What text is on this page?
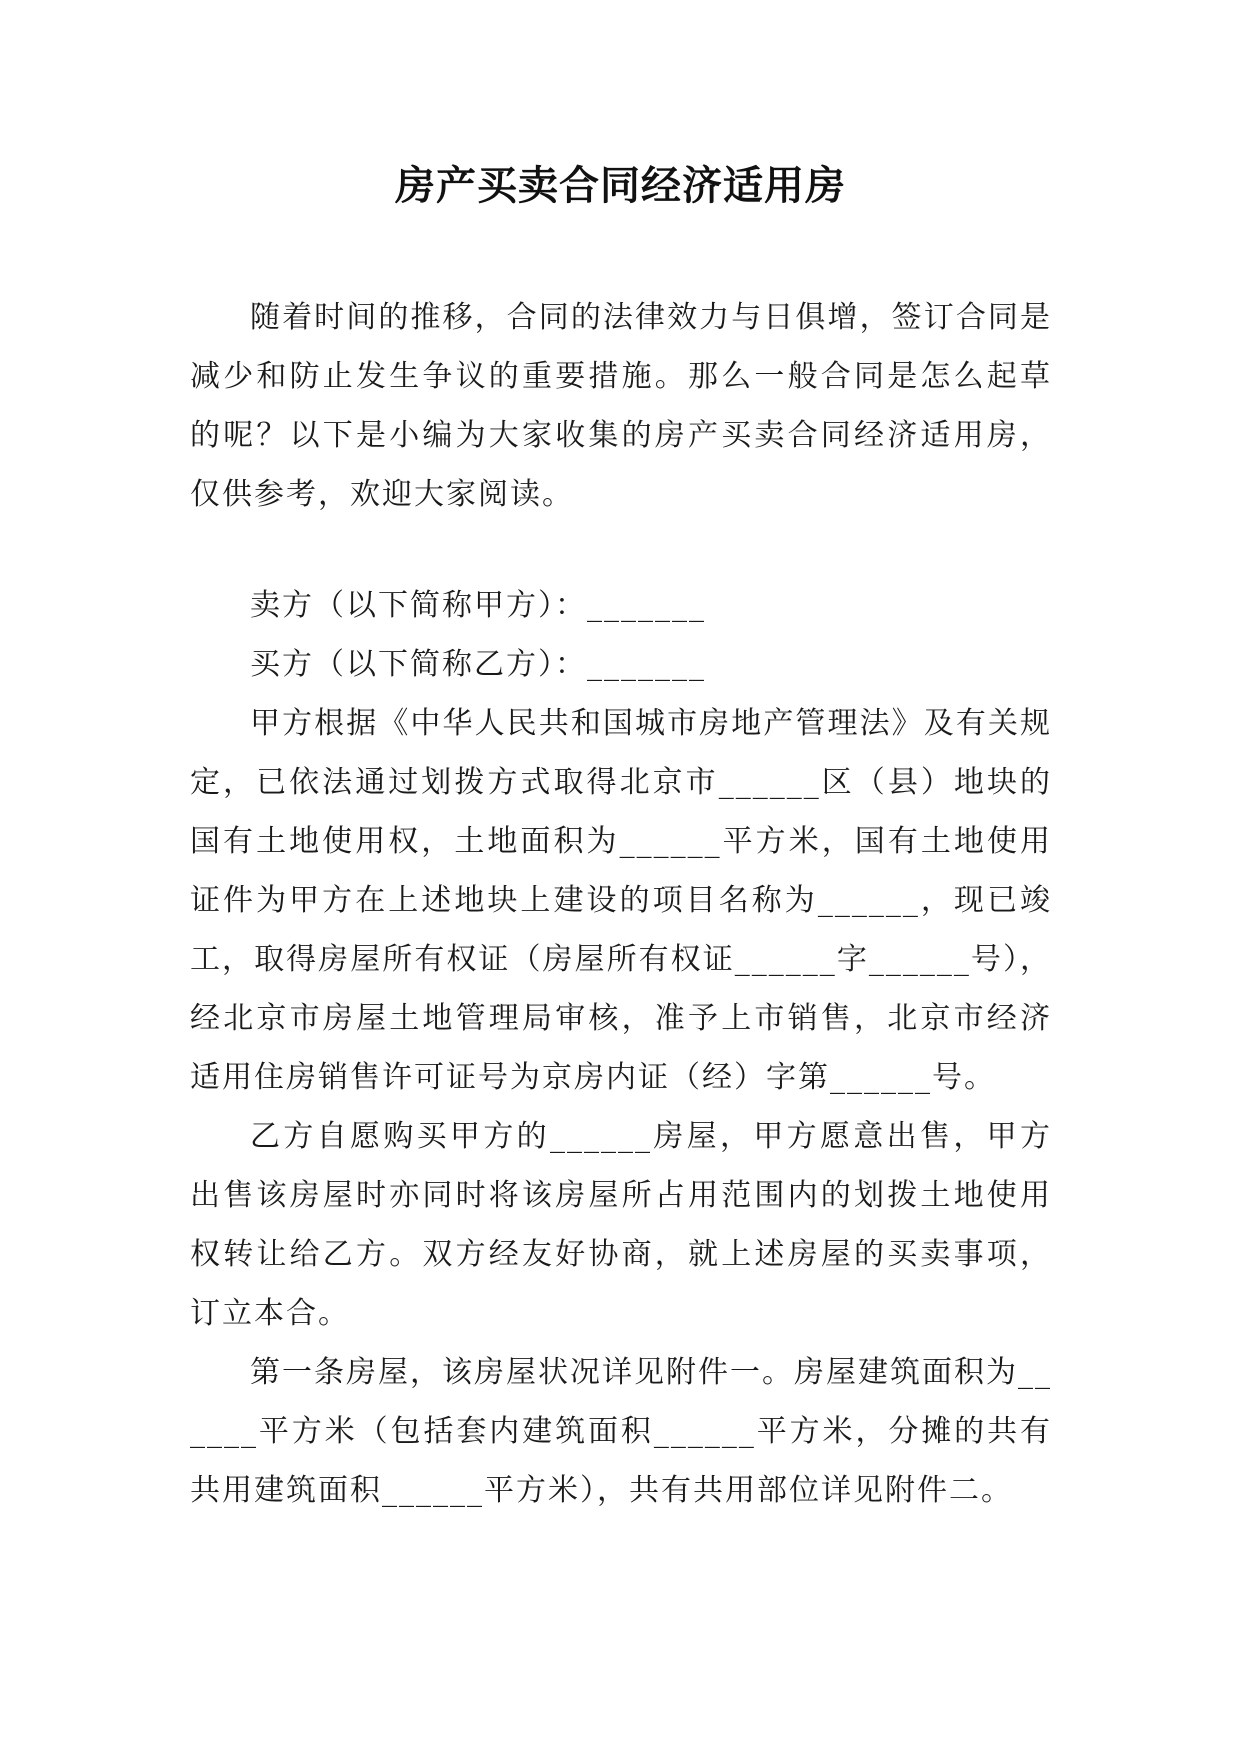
房产买卖合同经济适用房

随着时间的推移，合同的法律效力与日俱增，签订合同是减少和防止发生争议的重要措施。那么一般合同是怎么起草的呢？以下是小编为大家收集的房产买卖合同经济适用房，仅供参考，欢迎大家阅读。

卖方（以下简称甲方）：_______

买方（以下简称乙方）：_______

甲方根据《中华人民共和国城市房地产管理法》及有关规定，已依法通过划拨方式取得北京市______区（县）地块的国有土地使用权，土地面积为______平方米，国有土地使用证件为甲方在上述地块上建设的项目名称为______，现已竣工，取得房屋所有权证（房屋所有权证______字______号），经北京市房屋土地管理局审核，准予上市销售，北京市经济适用住房销售许可证号为京房内证（经）字第______号。

乙方自愿购买甲方的______房屋，甲方愿意出售，甲方出售该房屋时亦同时将该房屋所占用范围内的划拨土地使用权转让给乙方。双方经友好协商，就上述房屋的买卖事项，订立本合。

第一条房屋，该房屋状况详见附件一。房屋建筑面积为______平方米（包括套内建筑面积______平方米，分摊的共有共用建筑面积______平方米），共有共用部位详见附件二。
